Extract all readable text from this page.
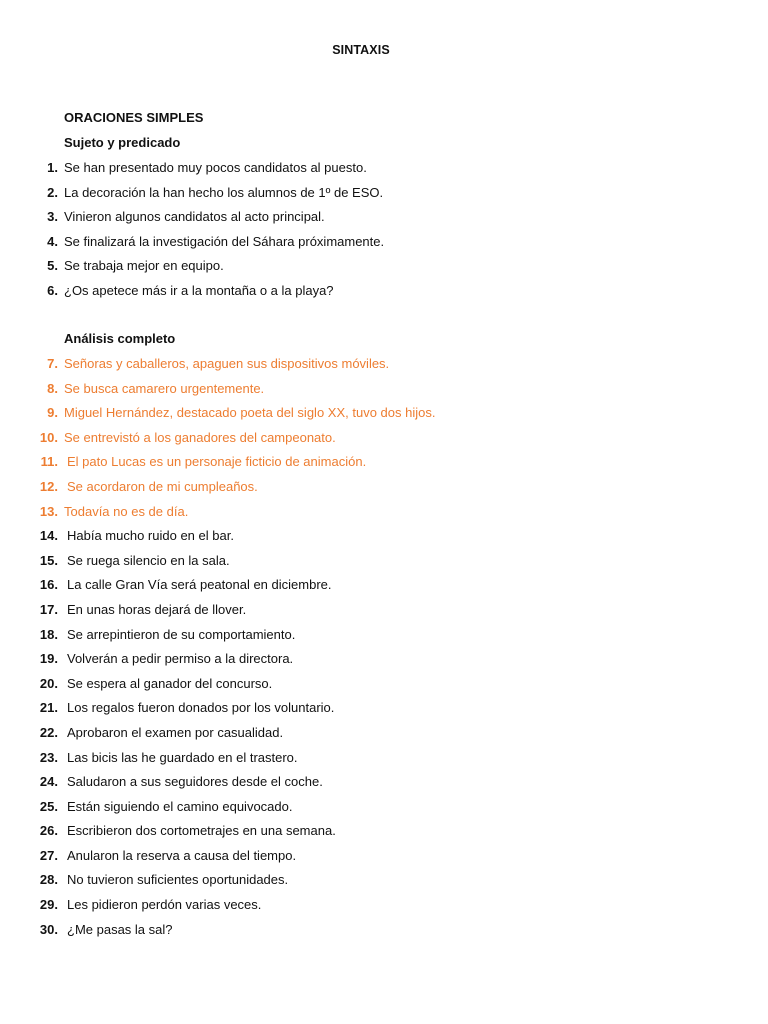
SINTAXIS
ORACIONES SIMPLES
Sujeto y predicado
1. Se han presentado muy pocos candidatos al puesto.
2. La decoración la han hecho los alumnos de 1º de ESO.
3. Vinieron algunos candidatos al acto principal.
4. Se finalizará la investigación del Sáhara próximamente.
5. Se trabaja mejor en equipo.
6. ¿Os apetece más ir a la montaña o a la playa?
Análisis completo
7. Señoras y caballeros, apaguen sus dispositivos móviles.
8. Se busca camarero urgentemente.
9. Miguel Hernández, destacado poeta del siglo XX, tuvo dos hijos.
10. Se entrevistó a los ganadores del campeonato.
11. El pato Lucas es un personaje ficticio de animación.
12. Se acordaron de mi cumpleaños.
13. Todavía no es de día.
14. Había mucho ruido en el bar.
15. Se ruega silencio en la sala.
16. La calle Gran Vía será peatonal en diciembre.
17. En unas horas dejará de llover.
18. Se arrepintieron de su comportamiento.
19. Volverán a pedir permiso a la directora.
20. Se espera al ganador del concurso.
21. Los regalos fueron donados por los voluntario.
22. Aprobaron el examen por casualidad.
23. Las bicis las he guardado en el trastero.
24. Saludaron a sus seguidores desde el coche.
25. Están siguiendo el camino equivocado.
26. Escribieron dos cortometrajes en una semana.
27. Anularon la reserva a causa del tiempo.
28. No tuvieron suficientes oportunidades.
29. Les pidieron perdón varias veces.
30. ¿Me pasas la sal?
